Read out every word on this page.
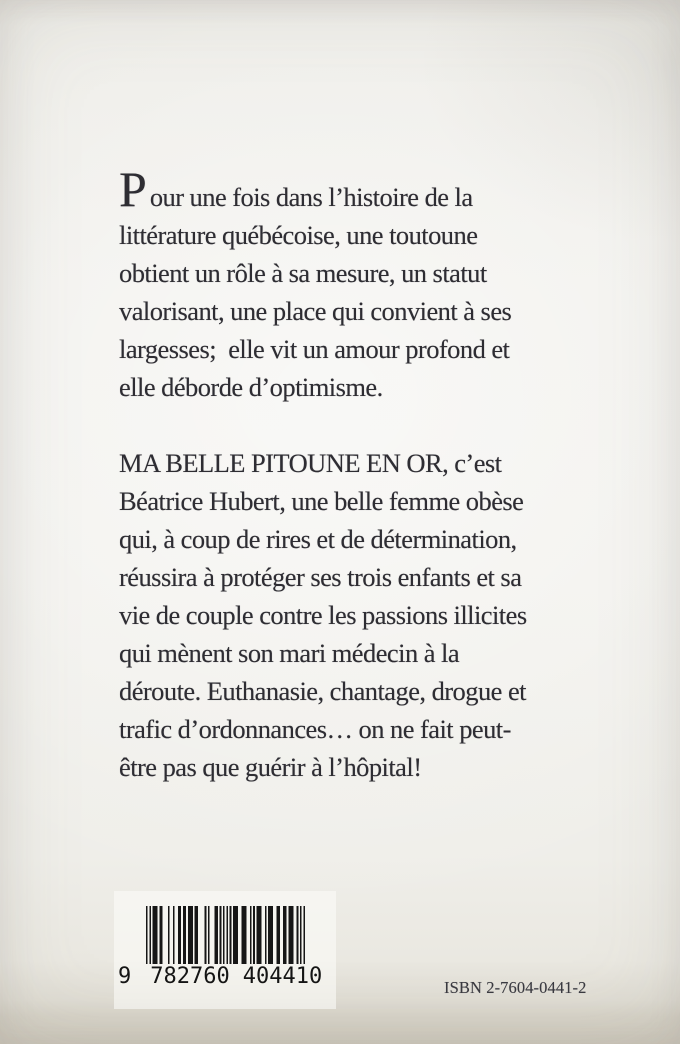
Pour une fois dans l’histoire de la
littérature québécoise, une toutoune
obtient un rôle à sa mesure, un statut
valorisant, une place qui convient à ses
largesses;  elle vit un amour profond et
elle déborde d’optimisme.

MA BELLE PITOUNE EN OR, c’est
Béatrice Hubert, une belle femme obèse
qui, à coup de rires et de détermination,
réussira à protéger ses trois enfants et sa
vie de couple contre les passions illicites
qui mènent son mari médecin à la
déroute. Euthanasie, chantage, drogue et
trafic d’ordonnances… on ne fait peut-
être pas que guérir à l’hôpital!

9 782760 404410	ISBN 2-7604-0441-2
